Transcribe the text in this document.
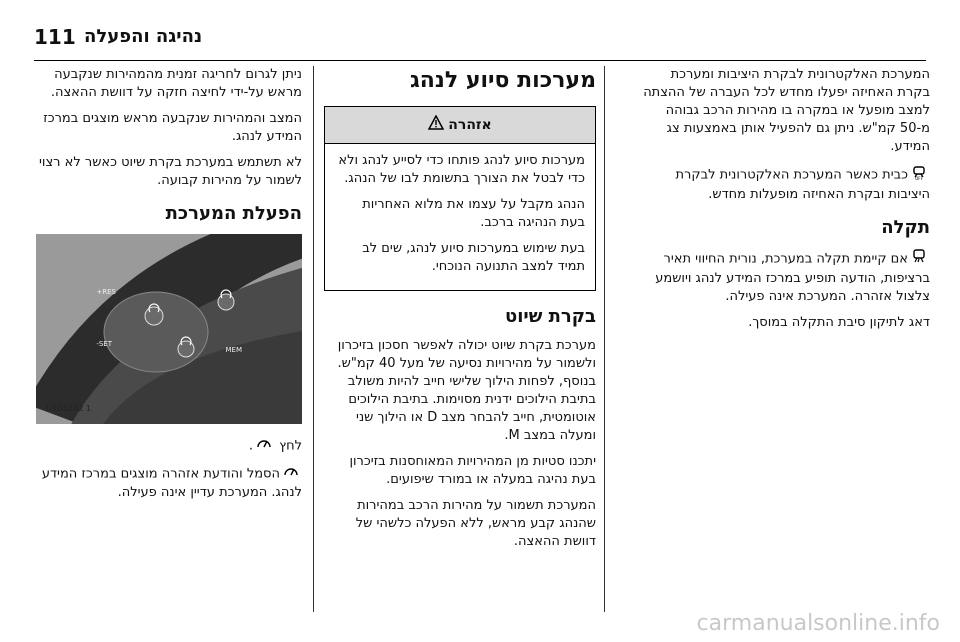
111 נהיגה והפעלה

המערכת האלקטרונית לבקרת היציבות ומערכת בקרת האחיזה יפעלו מחדש לכל העברה של ההצתה למצב מופעל או במקרה בו מהירות הרכב גבוהה מ-50 קמ"ש. ניתן גם להפעיל אותן באמצעות צג המידע.

OFF
כבית כאשר המערכת האלקטרונית לבקרת היציבות ובקרת האחיזה מופעלות מחדש.

תקלה

אם קיימת תקלה במערכת, נורית החיווי תאיר ברציפות, הודעה תופיע במרכז המידע לנהג ויושמע צלצול אזהרה. המערכת אינה פעילה.

דאג לתיקון סיבת התקלה במוסך.

מערכות סיוע לנהג
אזהרה

מערכות סיוע לנהג פותחו כדי לסייע לנהג ולא כדי לבטל את הצורך בתשומת לבו של הנהג.

הנהג מקבל על עצמו את מלוא האחריות בעת הנהיגה ברכב.

בעת שימוש במערכות סיוע לנהג, שים לב תמיד למצב התנועה הנוכחי.

בקרת שיוט

מערכת בקרת שיוט יכולה לאפשר חסכון בזיכרון ולשמור על מהירויות נסיעה של מעל 40 קמ"ש. בנוסף, לפחות הילוך שלישי חייב להיות משולב בתיבת הילוכים ידנית מסוימות. בתיבת הילוכים אוטומטית, חייב להבחר מצב D או הילוך שני ומעלה במצב M.

יתכנו סטיות מן המהירויות המאוחסנות בזיכרון בעת נהיגה במעלה או במורד שיפועים.

המערכת תשמור על מהירות הרכב במהירות שהנהג קבע מראש, ללא הפעלה כלשהי של דוושת ההאצה.

ניתן לגרום לחריגה זמנית מהמהירות שנקבעה מראש על-ידי לחיצה חזקה על דוושת ההאצה.

המצב והמהירות שנקבעה מראש מוצגים במרכז המידע לנהג.

לא תשתמש במערכת בקרת שיוט כאשר לא רצוי לשמור על מהירות קבועה.

הפעלת המערכת
RES+
SET-
MEM
U1D5102 1

לחץ .

הסמל והודעת אזהרה מוצגים במרכז המידע לנהג. המערכת עדיין אינה פעילה.

carmanualsonline.info
